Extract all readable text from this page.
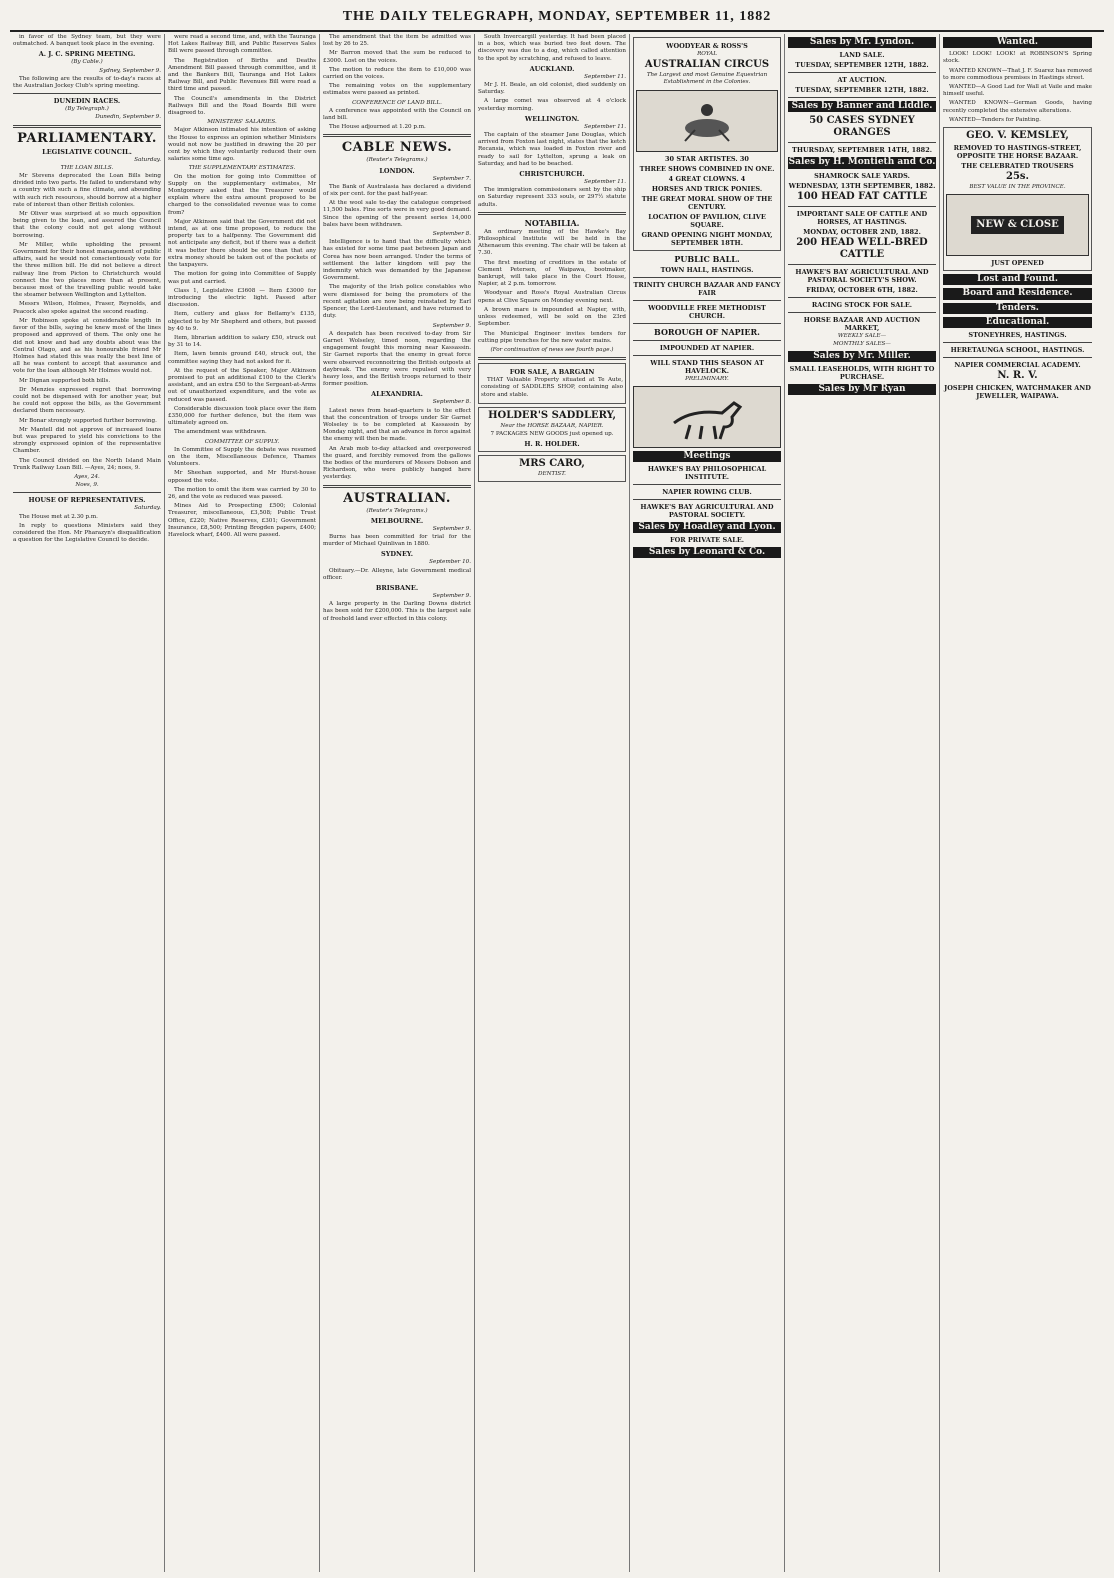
THE DAILY TELEGRAPH, MONDAY, SEPTEMBER 11, 1882

in favor of the Sydney team, but they were outmatched. A banquet took place in the evening.

A. J. C. SPRING MEETING.
(By Cable.)
Sydney, September 9.

The following are the results of to-day's races at the Australian Jockey Club's spring meeting.

DUNEDIN RACES.
(By Telegraph.)
Dunedin, September 9.
PARLIAMENTARY.
LEGISLATIVE COUNCIL.
Saturday.
THE LOAN BILLS.

Mr Stevens deprecated the Loan Bills being divided into two parts. He failed to understand why a country with such a fine climate, and abounding with such rich resources, should borrow at a higher rate of interest than other British colonies.

Mr Oliver was surprised at so much opposition being given to the loan, and assured the Council that the colony could not get along without borrowing.

Mr Miller, while upholding the present Government for their honest management of public affairs, said he would not conscientiously vote for the three million bill. He did not believe a direct railway line from Picton to Christchurch would connect the two places more than at present, because most of the travelling public would take the steamer between Wellington and Lyttelton.

Messrs Wilson, Holmes, Fraser, Reynolds, and Peacock also spoke against the second reading.

Mr Robinson spoke at considerable length in favor of the bills, saying he knew most of the lines proposed and approved of them. The only one he did not know and had any doubts about was the Central Otago, and as his honourable friend Mr Holmes had stated this was really the best line of all he was content to accept that assurance and vote for the loan although Mr Holmes would not.

Mr Dignan supported both bills.

Dr Menzies expressed regret that borrowing could not be dispensed with for another year, but he could not oppose the bills, as the Government declared them necessary.

Mr Bonar strongly supported further borrowing.

Mr Mantell did not approve of increased loans but was prepared to yield his convictions to the strongly expressed opinion of the representative Chamber.

The Council divided on the North Island Main Trunk Railway Loan Bill. —Ayes, 24; noes, 9.

Ayes, 24.
Noes, 9.
HOUSE OF REPRESENTATIVES.
Saturday.

The House met at 2.30 p.m.

In reply to questions Ministers said they considered the Hon. Mr Pharazyn's disqualification a question for the Legislative Council to decide.

were read a second time, and, with the Tauranga Hot Lakes Railway Bill, and Public Reserves Sales Bill were passed through committee.

The Registration of Births and Deaths Amendment Bill passed through committee, and it and the Bankers Bill, Tauranga and Hot Lakes Railway Bill, and Public Revenues Bill were read a third time and passed.

The Council's amendments in the District Railways Bill and the Road Boards Bill were disagreed to.

MINISTERS' SALARIES.

Major Atkinson intimated his intention of asking the House to express an opinion whether Ministers would not now be justified in drawing the 20 per cent by which they voluntarily reduced their own salaries some time ago.

THE SUPPLEMENTARY ESTIMATES.

On the motion for going into Committee of Supply on the supplementary estimates, Mr Montgomery asked that the Treasurer would explain where the extra amount proposed to be charged to the consolidated revenue was to come from?

Major Atkinson said that the Government did not intend, as at one time proposed, to reduce the property tax to a halfpenny. The Government did not anticipate any deficit, but if there was a deficit it was better there should be one than that any extra money should be taken out of the pockets of the taxpayers.

The motion for going into Committee of Supply was put and carried.

Class 1, Legislative £3608 — Item £3000 for introducing the electric light. Passed after discussion.

Item, cutlery and glass for Bellamy's £135, objected to by Mr Shepherd and others, but passed by 40 to 9.

Item, librarian addition to salary £50, struck out by 31 to 14.

Item, lawn tennis ground £40, struck out, the committee saying they had not asked for it.

At the request of the Speaker, Major Atkinson promised to put an additional £100 to the Clerk's assistant, and an extra £50 to the Sergeant-at-Arms out of unauthorized expenditure, and the vote as reduced was passed.

Considerable discussion took place over the item £350,000 for further defence, but the item was ultimately agreed on.

The amendment was withdrawn.

COMMITTEE OF SUPPLY.

In Committee of Supply the debate was resumed on the item, Miscellaneous Defence, Thames Volunteers.

Mr Sheehan supported, and Mr Hurst-house opposed the vote.

The motion to omit the item was carried by 30 to 26, and the vote as reduced was passed.

Mines Aid to Prospecting £500; Colonial Treasurer, miscellaneous, £3,508; Public Trust Office, £220; Native Reserves, £301; Government Insurance, £8,500; Printing Brogden papers, £400; Havelock wharf, £400. All were passed.

The amendment that the item be admitted was lost by 26 to 25.

Mr Barron moved that the sum be reduced to £3000. Lost on the voices.

The motion to reduce the item to £10,000 was carried on the voices.

The remaining votes on the supplementary estimates were passed as printed.

CONFERENCE OF LAND BILL.

A conference was appointed with the Council on land bill.

The House adjourned at 1.20 p.m.

CABLE NEWS.
(Reuter's Telegrams.)
LONDON.
September 7.

The Bank of Australasia has declared a dividend of six per cent. for the past half-year.

At the wool sale to-day the catalogue comprised 11,500 bales. Fine sorts were in very good demand. Since the opening of the present series 14,000 bales have been withdrawn.

September 8.

Intelligence is to hand that the difficulty which has existed for some time past between Japan and Corea has now been arranged. Under the terms of settlement the latter kingdom will pay the indemnity which was demanded by the Japanese Government.

The majority of the Irish police constables who were dismissed for being the promoters of the recent agitation are now being reinstated by Earl Spencer, the Lord-Lieutenant, and have returned to duty.

September 9.

A despatch has been received to-day from Sir Garnet Wolseley, timed noon, regarding the engagement fought this morning near Kassassin. Sir Garnet reports that the enemy in great force were observed reconnoitring the British outposts at daybreak. The enemy were repulsed with very heavy loss, and the British troops returned to their former position.

ALEXANDRIA.
September 8.

Latest news from head-quarters is to the effect that the concentration of troops under Sir Garnet Wolseley is to be completed at Kassassin by Monday night, and that an advance in force against the enemy will then be made.

An Arab mob to-day attacked and overpowered the guard, and forcibly removed from the gallows the bodies of the murderers of Messrs Dobson and Richardson, who were publicly hanged here yesterday.

AUSTRALIAN.
(Reuter's Telegrams.)
MELBOURNE.
September 9.

Burns has been committed for trial for the murder of Michael Quinlivan in 1880.

SYDNEY.
September 10.

Obituary.—Dr. Alleyne, late Government medical officer.

BRISBANE.
September 9.

A large property in the Darling Downs district has been sold for £200,000. This is the largest sale of freehold land ever effected in this colony.

South Invercargill yesterday. It had been placed in a box, which was buried two feet down. The discovery was due to a dog, which called attention to the spot by scratching, and refused to leave.

AUCKLAND.
September 11.

Mr J. H. Beale, an old colonist, died suddenly on Saturday.

A large comet was observed at 4 o'clock yesterday morning.

WELLINGTON.
September 11.

The captain of the steamer Jane Douglas, which arrived from Foxton last night, states that the ketch Recansia, which was loaded in Foxton river and ready to sail for Lyttelton, sprung a leak on Saturday, and had to be beached.

CHRISTCHURCH.
September 11.

The immigration commissioners sent by the ship on Saturday represent 333 souls, or 297½ statute adults.

NOTABILIA.

An ordinary meeting of the Hawke's Bay Philosophical Institute will be held in the Athenaeum this evening. The chair will be taken at 7.30.

The first meeting of creditors in the estate of Clement Petersen, of Waipawa, bootmaker, bankrupt, will take place in the Court House, Napier, at 2 p.m. tomorrow.

Woodyear and Ross's Royal Australian Circus opens at Clive Square on Monday evening next.

A brown mare is impounded at Napier, with, unless redeemed, will be sold on the 23rd September.

The Municipal Engineer invites tenders for cutting pipe trenches for the new water mains.

(For continuation of news see fourth page.)
FOR SALE, A BARGAIN

THAT Valuable Property situated at Te Aute, consisting of SADDLERS SHOP, containing also store and stable.

HOLDER'S SADDLERY,
Near the HORSE BAZAAR, NAPIER.

7 PACKAGES NEW GOODS just opened up.

H. R. HOLDER.
MRS CARO,
DENTIST.
WOODYEAR & ROSS'S
ROYAL
AUSTRALIAN CIRCUS
The Largest and most Genuine Equestrian Establishment in the Colonies.
30 STAR ARTISTES. 30
THREE SHOWS COMBINED IN ONE.
4 GREAT CLOWNS. 4
HORSES AND TRICK PONIES.
THE GREAT MORAL SHOW OF THE CENTURY.
LOCATION OF PAVILION, CLIVE SQUARE.
GRAND OPENING NIGHT MONDAY, SEPTEMBER 18TH.
PUBLIC BALL.
TOWN HALL, HASTINGS.
TRINITY CHURCH BAZAAR AND FANCY FAIR
WOODVILLE FREE METHODIST CHURCH.
BOROUGH OF NAPIER.
IMPOUNDED AT NAPIER.
WILL STAND THIS SEASON AT HAVELOCK.
PRELIMINARY.
Meetings
HAWKE'S BAY PHILOSOPHICAL INSTITUTE.
NAPIER ROWING CLUB.
HAWKE'S BAY AGRICULTURAL AND PASTORAL SOCIETY.
Sales by Hoadley and Lyon.
FOR PRIVATE SALE.
Sales by Leonard & Co.
Sales by Mr. Lyndon.
LAND SALE.
TUESDAY, SEPTEMBER 12TH, 1882.
AT AUCTION.
TUESDAY, SEPTEMBER 12TH, 1882.
Sales by Banner and Liddle.
50 CASES SYDNEY ORANGES
THURSDAY, SEPTEMBER 14TH, 1882.
Sales by H. Montieth and Co.
SHAMROCK SALE YARDS.
WEDNESDAY, 13TH SEPTEMBER, 1882.
100 HEAD FAT CATTLE
IMPORTANT SALE OF CATTLE AND HORSES, AT HASTINGS.
MONDAY, OCTOBER 2ND, 1882.
200 HEAD WELL-BRED CATTLE
HAWKE'S BAY AGRICULTURAL AND PASTORAL SOCIETY'S SHOW.
FRIDAY, OCTOBER 6TH, 1882.
RACING STOCK FOR SALE.
HORSE BAZAAR AND AUCTION MARKET,
WEEKLY SALE—
MONTHLY SALES—
Sales by Mr. Miller.
SMALL LEASEHOLDS, WITH RIGHT TO PURCHASE.
Sales by Mr Ryan
Wanted.

LOOK! LOOK! LOOK! at ROBINSON'S Spring stock.

WANTED KNOWN—That J. F. Suarez has removed to more commodious premises in Hastings street.

WANTED—A Good Lad for Wall at Vaile and make himself useful.

WANTED KNOWN—German Goods, having recently completed the extensive alterations.

WANTED—Tenders for Painting.

GEO. V. KEMSLEY,
REMOVED TO HASTINGS-STREET, OPPOSITE THE HORSE BAZAAR.
THE CELEBRATED TROUSERS
25s.
BEST VALUE IN THE PROVINCE.
NEW & CLOSE
JUST OPENED
Lost and Found.
Board and Residence.
Tenders.
Educational.
STONEYHRES, HASTINGS.
HERETAUNGA SCHOOL, HASTINGS.
NAPIER COMMERCIAL ACADEMY.
N. R. V.
JOSEPH CHICKEN, WATCHMAKER AND JEWELLER, WAIPAWA.
